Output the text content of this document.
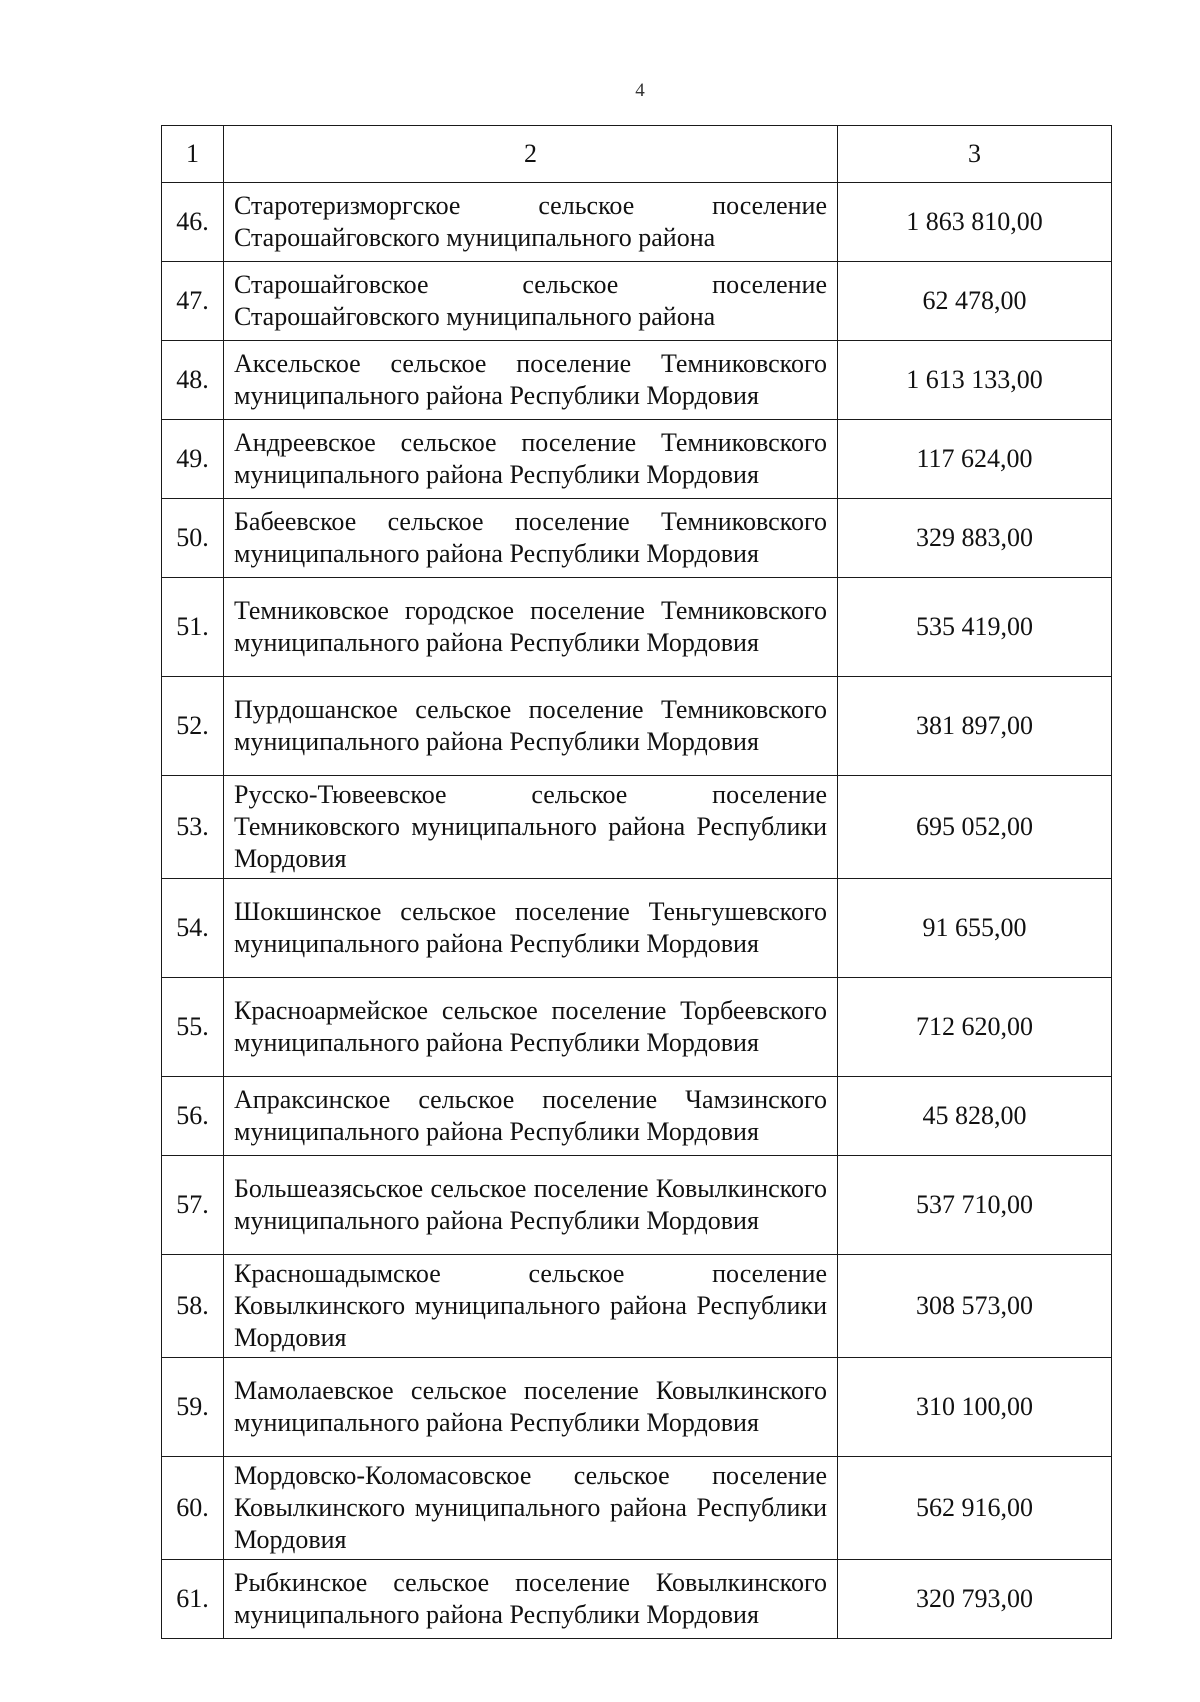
4
1	2	3
46.	Старотеризморгское сельское поселение Старошайговского муниципального района	1 863 810,00
47.	Старошайговское сельское поселение Старошайговского муниципального района	62 478,00
48.	Аксельское сельское поселение Темниковского муниципального района Республики Мордовия	1 613 133,00
49.	Андреевское сельское поселение Темниковского муниципального района Республики Мордовия	117 624,00
50.	Бабеевское сельское поселение Темниковского муниципального района Республики Мордовия	329 883,00
51.	Темниковское городское поселение Темниковского муниципального района Республики Мордовия	535 419,00
52.	Пурдошанское сельское поселение Темниковского муниципального района Республики Мордовия	381 897,00
53.	Русско-Тювеевское сельское поселение Темниковского муниципального района Республики Мордовия	695 052,00
54.	Шокшинское сельское поселение Теньгушевского муниципального района Республики Мордовия	91 655,00
55.	Красноармейское сельское поселение Торбеевского муниципального района Республики Мордовия	712 620,00
56.	Апраксинское сельское поселение Чамзинского муниципального района Республики Мордовия	45 828,00
57.	Большеазясьское сельское поселение Ковылкинского муниципального района Республики Мордовия	537 710,00
58.	Красношадымское сельское поселение Ковылкинского муниципального района Республики Мордовия	308 573,00
59.	Мамолаевское сельское поселение Ковылкинского муниципального района Республики Мордовия	310 100,00
60.	Мордовско-Коломасовское сельское поселение Ковылкинского муниципального района Республики Мордовия	562 916,00
61.	Рыбкинское сельское поселение Ковылкинского муниципального района Республики Мордовия	320 793,00
